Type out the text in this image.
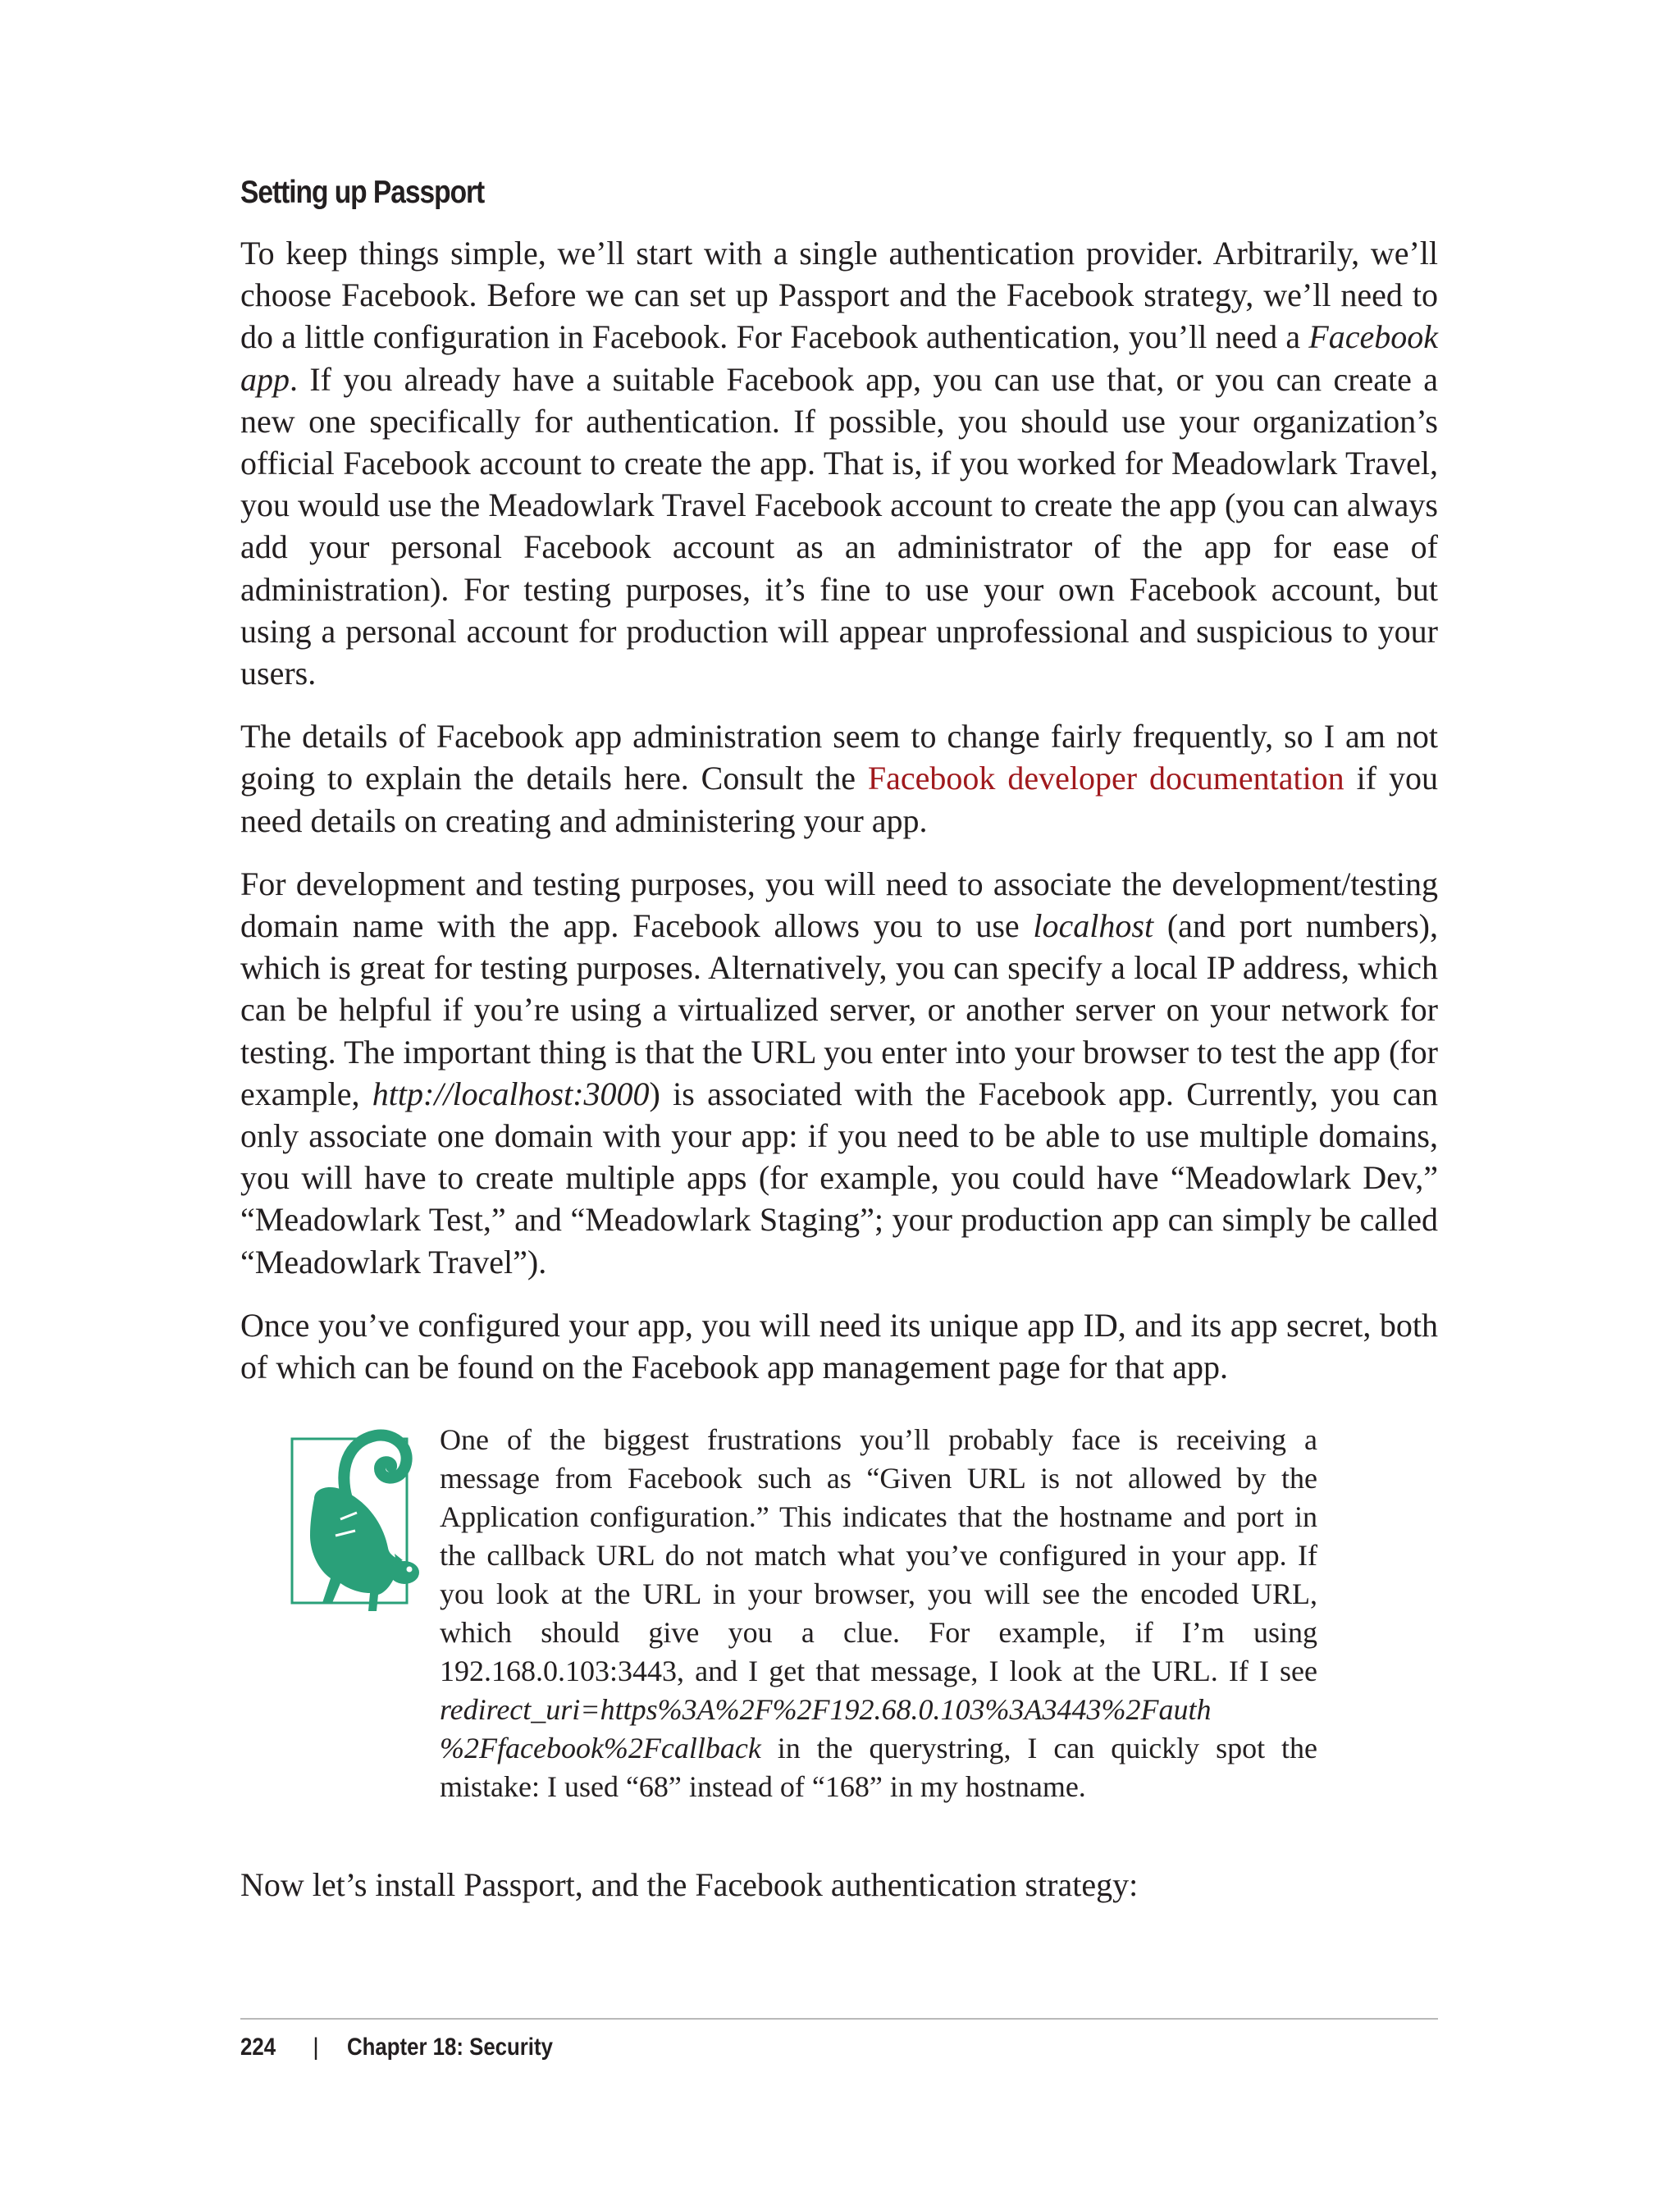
Setting up Passport

To keep things simple, we’ll start with a single authentication provider. Arbitrarily, we’ll choose Facebook. Before we can set up Passport and the Facebook strategy, we’ll need to do a little configuration in Facebook. For Facebook authentication, you’ll need a Facebook app. If you already have a suitable Facebook app, you can use that, or you can create a new one specifically for authentication. If possible, you should use your organization’s official Facebook account to create the app. That is, if you worked for Meadowlark Travel, you would use the Meadowlark Travel Facebook account to create the app (you can always add your personal Facebook account as an administrator of the app for ease of administration). For testing purposes, it’s fine to use your own Facebook account, but using a personal account for production will appear unprofessional and suspicious to your users.

The details of Facebook app administration seem to change fairly frequently, so I am not going to explain the details here. Consult the Facebook developer documentation if you need details on creating and administering your app.

For development and testing purposes, you will need to associate the development/testing domain name with the app. Facebook allows you to use localhost (and port numbers), which is great for testing purposes. Alternatively, you can specify a local IP address, which can be helpful if you’re using a virtualized server, or another server on your network for testing. The important thing is that the URL you enter into your browser to test the app (for example, http://localhost:3000) is associated with the Facebook app. Currently, you can only associate one domain with your app: if you need to be able to use multiple domains, you will have to create multiple apps (for example, you could have “Meadowlark Dev,” “Meadowlark Test,” and “Meadowlark Staging”; your production app can simply be called “Meadowlark Travel”).

Once you’ve configured your app, you will need its unique app ID, and its app secret, both of which can be found on the Facebook app management page for that app.

One of the biggest frustrations you’ll probably face is receiving a message from Facebook such as “Given URL is not allowed by the Application configuration.” This indicates that the hostname and port in the callback URL do not match what you’ve configured in your app. If you look at the URL in your browser, you will see the encoded URL, which should give you a clue. For example, if I’m using 192.168.0.103:3443, and I get that message, I look at the URL. If I see redirect_uri=https%3A%2F%2F192.68.0.103%3A3443%2Fauth
%2Ffacebook%2Fcallback in the querystring, I can quickly spot the mistake: I used “68” instead of “168” in my hostname.

Now let’s install Passport, and the Facebook authentication strategy:

224 | Chapter 18: Security
